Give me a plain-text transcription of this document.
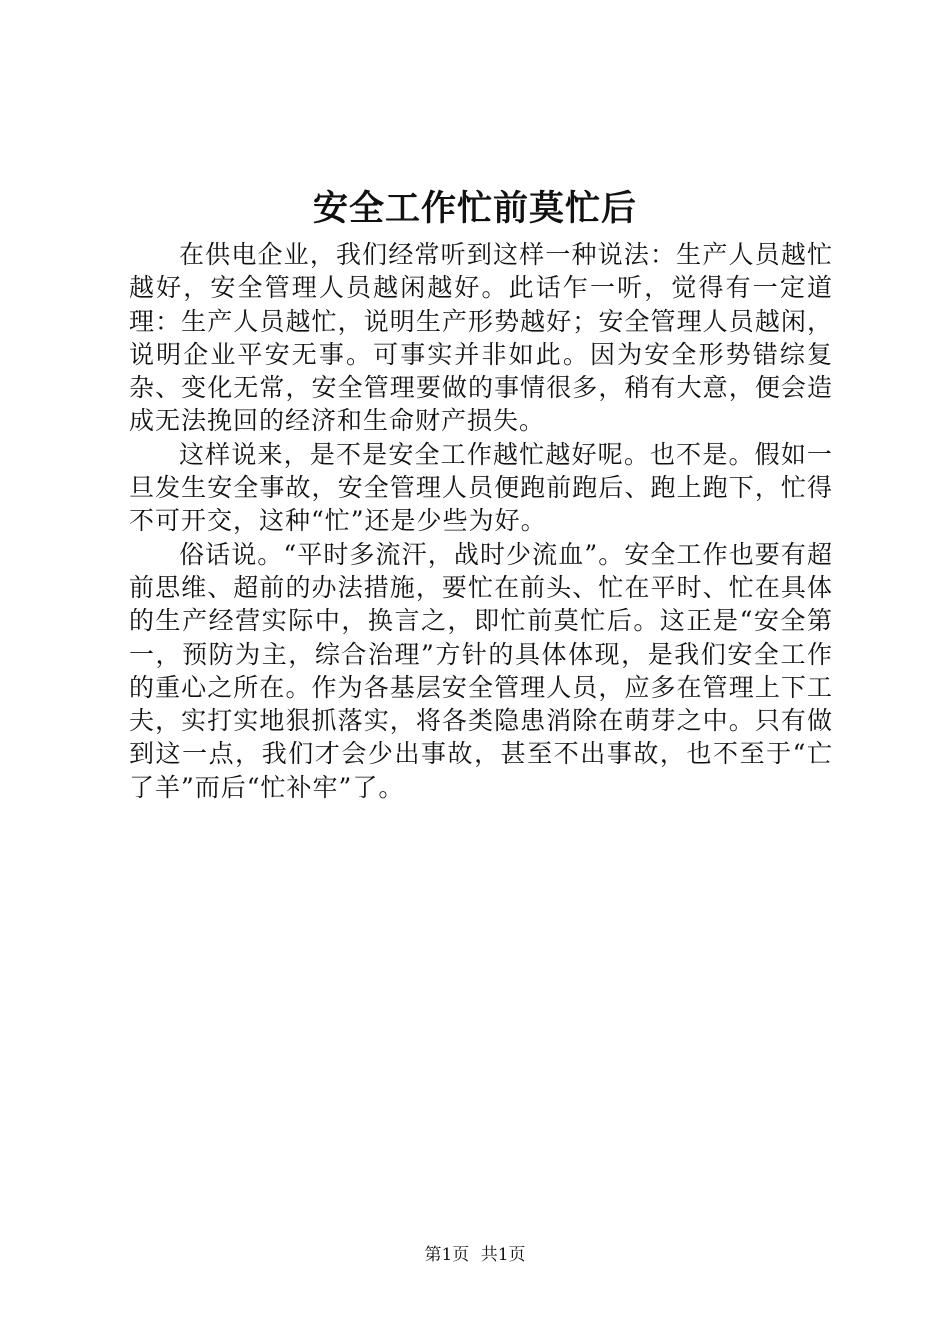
安全工作忙前莫忙后

在供电企业，我们经常听到这样一种说法：生产人员越忙越好，安全管理人员越闲越好。此话乍一听，觉得有一定道理：生产人员越忙，说明生产形势越好；安全管理人员越闲，说明企业平安无事。可事实并非如此。因为安全形势错综复杂、变化无常，安全管理要做的事情很多，稍有大意，便会造成无法挽回的经济和生命财产损失。

这样说来，是不是安全工作越忙越好呢。也不是。假如一旦发生安全事故，安全管理人员便跑前跑后、跑上跑下，忙得不可开交，这种“忙”还是少些为好。

俗话说。“平时多流汗，战时少流血”。安全工作也要有超前思维、超前的办法措施，要忙在前头、忙在平时、忙在具体的生产经营实际中，换言之，即忙前莫忙后。这正是“安全第一，预防为主，综合治理”方针的具体体现，是我们安全工作的重心之所在。作为各基层安全管理人员，应多在管理上下工夫，实打实地狠抓落实，将各类隐患消除在萌芽之中。只有做到这一点，我们才会少出事故，甚至不出事故，也不至于“亡了羊”而后“忙补牢”了。

第1页 共1页
